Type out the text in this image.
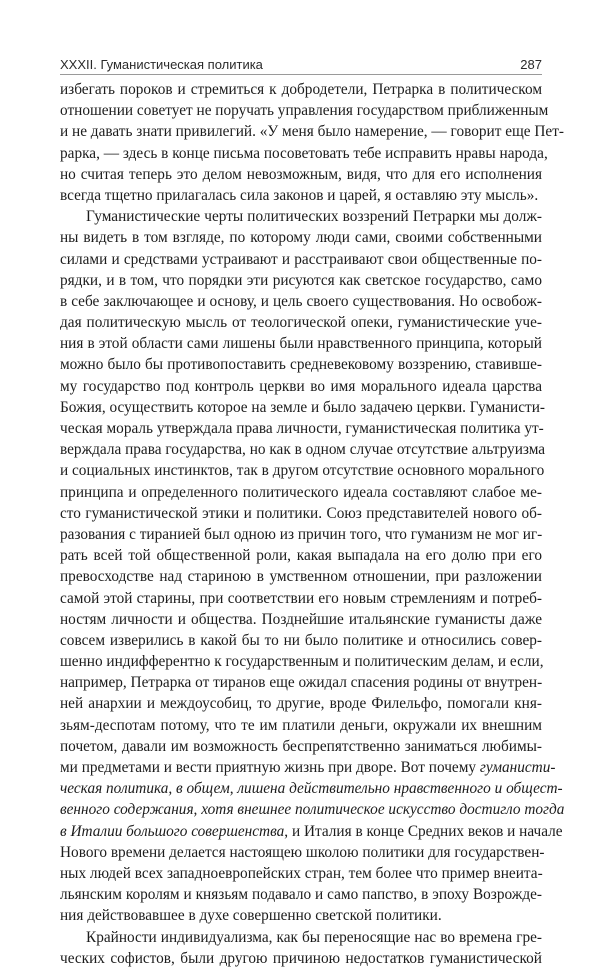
XXXII. Гуманистическая политика	287
избегать пороков и стремиться к добродетели, Петрарка в политическом
отношении советует не поручать управления государством приближенным
и не давать знати привилегий. «У меня было намерение, — говорит еще Пет-
рарка, — здесь в конце письма посоветовать тебе исправить нравы народа,
но считая теперь это делом невозможным, видя, что для его исполнения
всегда тщетно прилагалась сила законов и царей, я оставляю эту мысль».
Гуманистические черты политических воззрений Петрарки мы долж-
ны видеть в том взгляде, по которому люди сами, своими собственными
силами и средствами устраивают и расстраивают свои общественные по-
рядки, и в том, что порядки эти рисуются как светское государство, само
в себе заключающее и основу, и цель своего существования. Но освобож-
дая политическую мысль от теологической опеки, гуманистические уче-
ния в этой области сами лишены были нравственного принципа, который
можно было бы противопоставить средневековому воззрению, ставивше-
му государство под контроль церкви во имя морального идеала царства
Божия, осуществить которое на земле и было задачею церкви. Гуманисти-
ческая мораль утверждала права личности, гуманистическая политика ут-
верждала права государства, но как в одном случае отсутствие альтруизма
и социальных инстинктов, так в другом отсутствие основного морального
принципа и определенного политического идеала составляют слабое ме-
сто гуманистической этики и политики. Союз представителей нового об-
разования с тиранией был одною из причин того, что гуманизм не мог иг-
рать всей той общественной роли, какая выпадала на его долю при его
превосходстве над стариною в умственном отношении, при разложении
самой этой старины, при соответствии его новым стремлениям и потреб-
ностям личности и общества. Позднейшие итальянские гуманисты даже
совсем изверились в какой бы то ни было политике и относились совер-
шенно индифферентно к государственным и политическим делам, и если,
например, Петрарка от тиранов еще ожидал спасения родины от внутрен-
ней анархии и междоусобиц, то другие, вроде Филельфо, помогали кня-
зьям-деспотам потому, что те им платили деньги, окружали их внешним
почетом, давали им возможность беспрепятственно заниматься любимы-
ми предметами и вести приятную жизнь при дворе. Вот почему гуманисти-
ческая политика, в общем, лишена действительно нравственного и общест-
венного содержания, хотя внешнее политическое искусство достигло тогда
в Италии большого совершенства, и Италия в конце Средних веков и начале
Нового времени делается настоящею школою политики для государствен-
ных людей всех западноевропейских стран, тем более что пример внеита-
льянским королям и князьям подавало и само папство, в эпоху Возрожде-
ния действовавшее в духе совершенно светской политики.
Крайности индивидуализма, как бы переносящие нас во времена гре-
ческих софистов, были другою причиною недостатков гуманистической
